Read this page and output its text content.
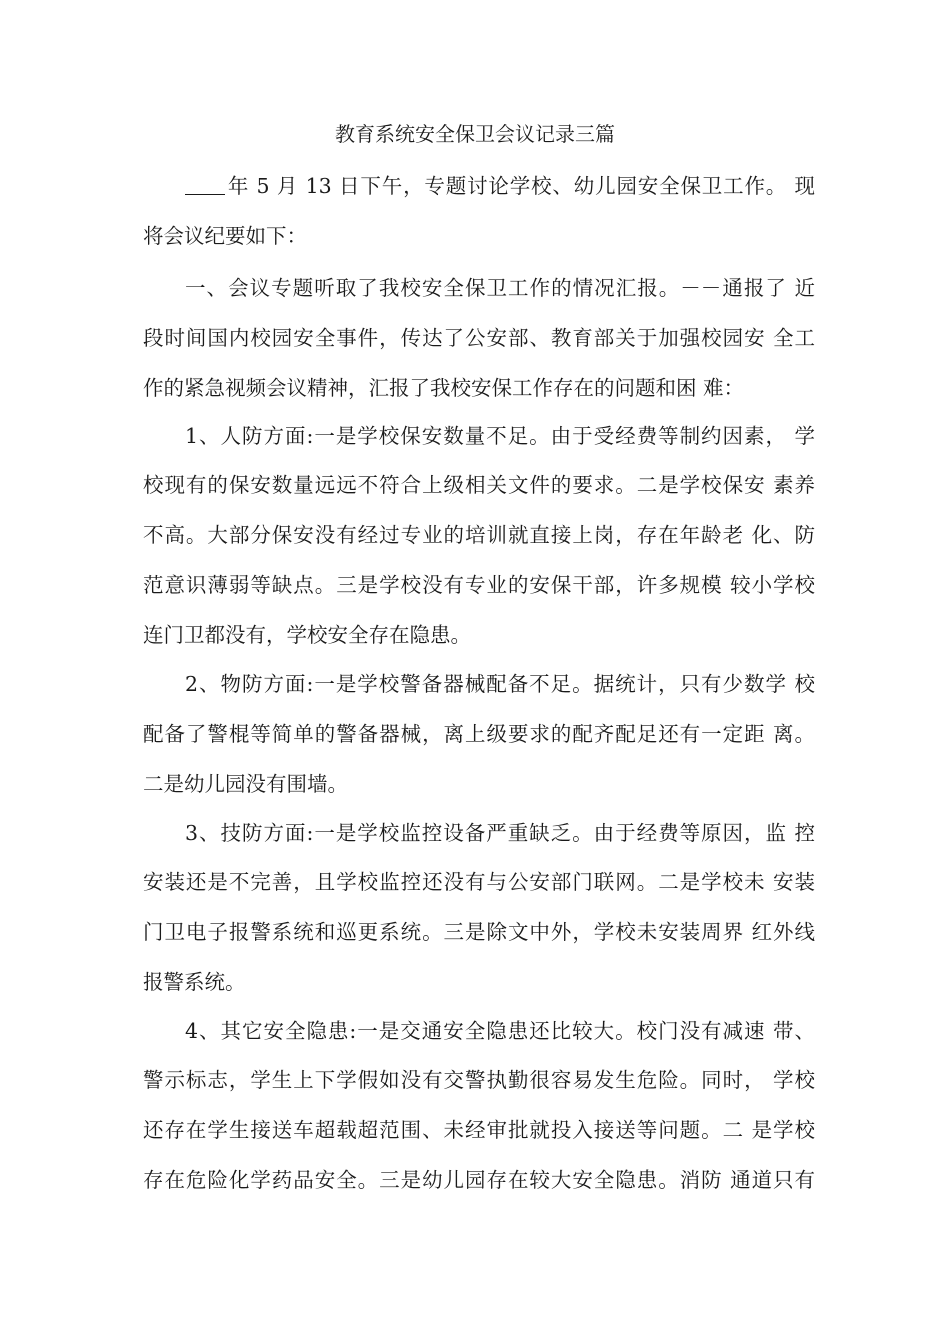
教育系统安全保卫会议记录三篇
年 5 月 13 日下午，专题讨论学校、幼儿园安全保卫工作。 现
将会议纪要如下：
一、会议专题听取了我校安全保卫工作的情况汇报。－－通报了 近
段时间国内校园安全事件，传达了公安部、教育部关于加强校园安 全工
作的紧急视频会议精神，汇报了我校安保工作存在的问题和困 难：
1、人防方面:一是学校保安数量不足。由于受经费等制约因素， 学
校现有的保安数量远远不符合上级相关文件的要求。二是学校保安 素养
不高。大部分保安没有经过专业的培训就直接上岗，存在年龄老 化、防
范意识薄弱等缺点。三是学校没有专业的安保干部，许多规模 较小学校
连门卫都没有，学校安全存在隐患。
2、物防方面:一是学校警备器械配备不足。据统计，只有少数学 校
配备了警棍等简单的警备器械，离上级要求的配齐配足还有一定距 离。
二是幼儿园没有围墙。
3、技防方面:一是学校监控设备严重缺乏。由于经费等原因，监 控
安装还是不完善，且学校监控还没有与公安部门联网。二是学校未 安装
门卫电子报警系统和巡更系统。三是除文中外，学校未安装周界 红外线
报警系统。
4、其它安全隐患:一是交通安全隐患还比较大。校门没有减速 带、
警示标志，学生上下学假如没有交警执勤很容易发生危险。同时， 学校
还存在学生接送车超载超范围、未经审批就投入接送等问题。二 是学校
存在危险化学药品安全。三是幼儿园存在较大安全隐患。消防 通道只有
